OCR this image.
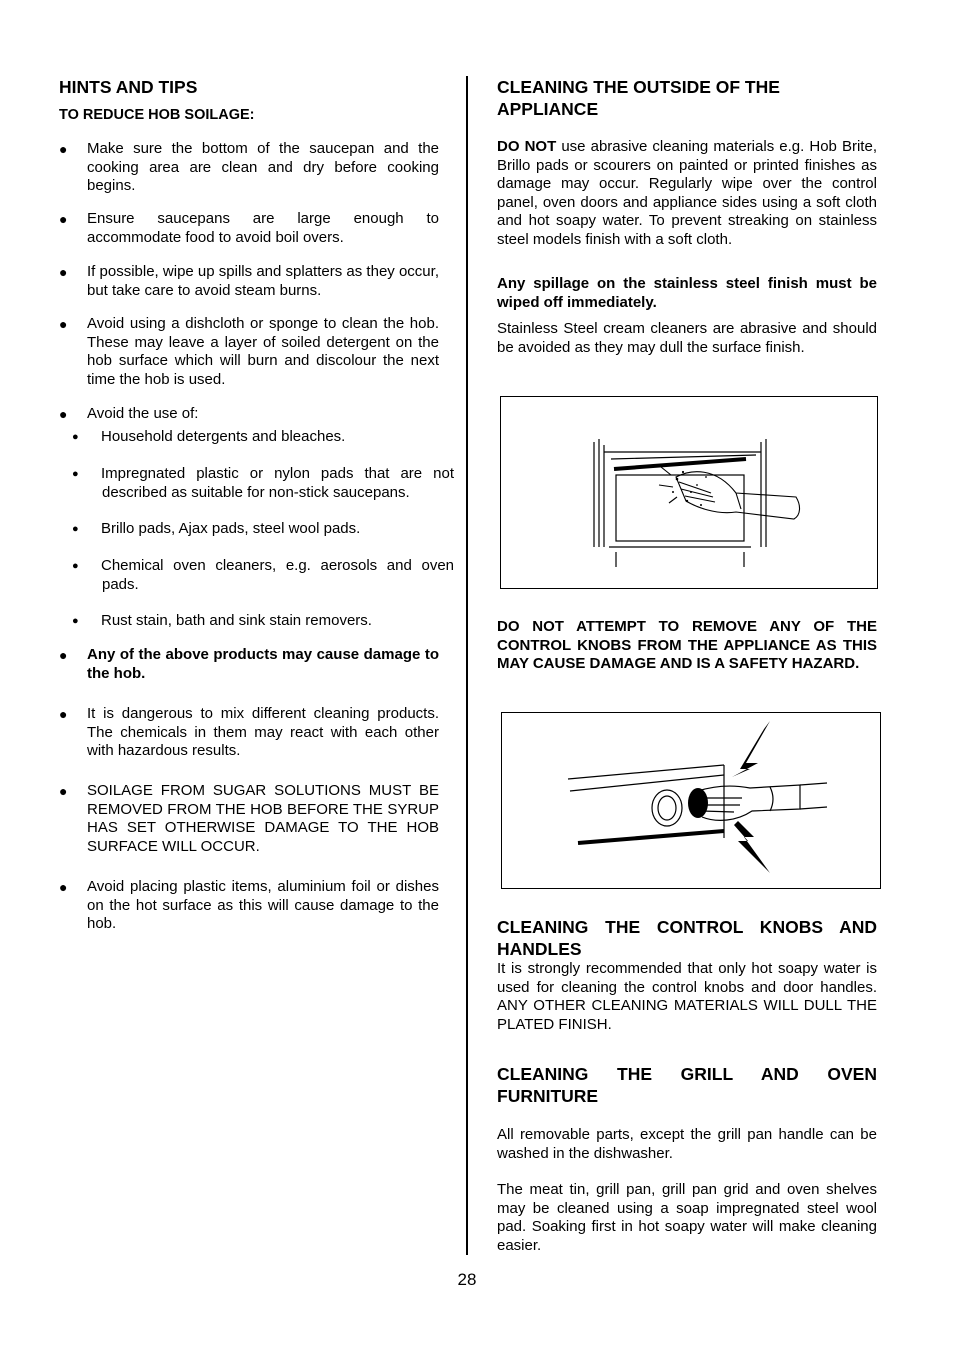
HINTS AND TIPS
TO REDUCE HOB SOILAGE:
● Make sure the bottom of the saucepan and the cooking area are clean and dry before cooking begins.
● Ensure saucepans are large enough to accommodate food to avoid boil overs.
● If possible, wipe up spills and splatters as they occur, but take care to avoid steam burns.
● Avoid using a dishcloth or sponge to clean the hob. These may leave a layer of soiled detergent on the hob surface which will burn and discolour the next time the hob is used.
● Avoid the use of:
● Household detergents and bleaches.
● Impregnated plastic or nylon pads that are not described as suitable for non-stick saucepans.
● Brillo pads, Ajax pads, steel wool pads.
● Chemical oven cleaners, e.g. aerosols and oven pads.
● Rust stain, bath and sink stain removers.
● Any of the above products may cause damage to the hob.
● It is dangerous to mix different cleaning products. The chemicals in them may react with each other with hazardous results.
● SOILAGE FROM SUGAR SOLUTIONS MUST BE REMOVED FROM THE HOB BEFORE THE SYRUP HAS SET OTHERWISE DAMAGE TO THE HOB SURFACE WILL OCCUR.
● Avoid placing plastic items, aluminium foil or dishes on the hot surface as this will cause damage to the hob.
CLEANING THE OUTSIDE OF THE APPLIANCE
DO NOT use abrasive cleaning materials e.g. Hob Brite, Brillo pads or scourers on painted or printed finishes as damage may occur. Regularly wipe over the control panel, oven doors and appliance sides using a soft cloth and hot soapy water. To prevent streaking on stainless steel models finish with a soft cloth.
Any spillage on the stainless steel finish must be wiped off immediately.
Stainless Steel cream cleaners are abrasive and should be avoided as they may dull the surface finish.
DO NOT ATTEMPT TO REMOVE ANY OF THE CONTROL KNOBS FROM THE APPLIANCE AS THIS MAY CAUSE DAMAGE AND IS A SAFETY HAZARD.
CLEANING THE CONTROL KNOBS AND HANDLES
It is strongly recommended that only hot soapy water is used for cleaning the control knobs and door handles. ANY OTHER CLEANING MATERIALS WILL DULL THE PLATED FINISH.
CLEANING THE GRILL AND OVEN FURNITURE
All removable parts, except the grill pan handle can be washed in the dishwasher.
The meat tin, grill pan, grill pan grid and oven shelves may be cleaned using a soap impregnated steel wool pad. Soaking first in hot soapy water will make cleaning easier.
28
